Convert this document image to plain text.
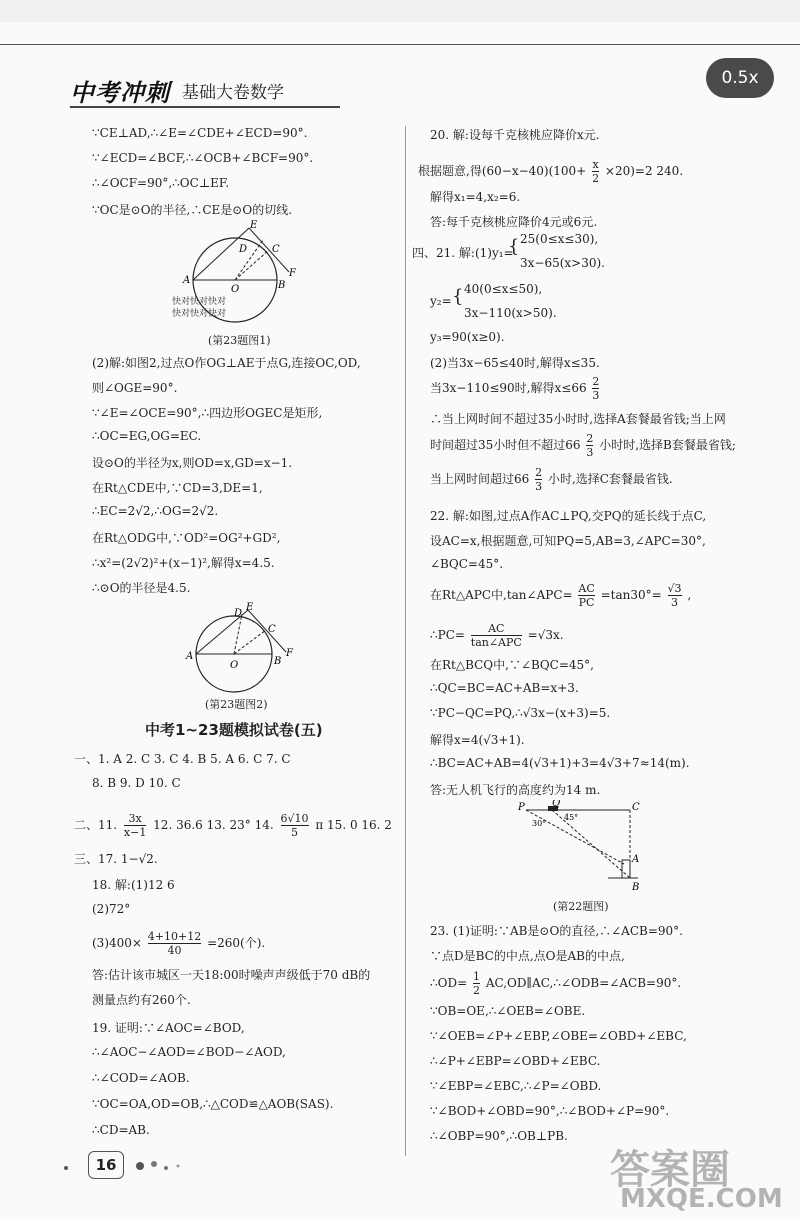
中考冲刺 基础大卷数学
0.5x
∵CE⊥AD,∴∠E=∠CDE+∠ECD=90°.
∵∠ECD=∠BCF,∴∠OCB+∠BCF=90°.
∴∠OCF=90°,∴OC⊥EF.
∵OC是⊙O的半径,∴CE是⊙O的切线.
A
O
E
D C
F
B
快对快对快对
快对快对快对
(第23题图1)
(2)解:如图2,过点O作OG⊥AE于点G,连接OC,OD,
则∠OGE=90°.
∵∠E=∠OCE=90°,∴四边形OGEC是矩形,
∴OC=EG,OG=EC.
设⊙O的半径为x,则OD=x,GD=x−1.
在Rt△CDE中,∵CD=3,DE=1,
∴EC=2√2,∴OG=2√2.
在Rt△ODG中,∵OD²=OG²+GD²,
∴x²=(2√2)²+(x−1)²,解得x=4.5.
∴⊙O的半径是4.5.
A
O
E
D
C
F
B
(第23题图2)
中考1~23题模拟试卷(五)
一、1. A 2. C 3. C 4. B 5. A 6. C 7. C
8. B 9. D 10. C
二、11. $\frac{3x}{x-1} 12$. 36.6 13. 23° 14. $\frac{6√10}{5}$ π 15. 0 16. 2
三、17. 1−√2.
18. 解:(1)12 6
(2)72°
$(3)400\times \frac{4+10+12}{40} =260$(个).
答:估计该市城区一天18:00时噪声声级低于70 dB的
测量点约有260个.
19. 证明:∵∠AOC=∠BOD,
∴∠AOC−∠AOD=∠BOD−∠AOD,
∴∠COD=∠AOB.
∵OC=OA,OD=OB,∴△COD≌△AOB(SAS).
∴CD=AB.
20. 解:设每千克核桃应降价x元.
根据题意,得$(60-x-40)(100+ \frac{x}{2} \times 20)=2$ 240.
解得x₁=4,x₂=6.
答:每千克核桃应降价4元或6元.
四、21. 解:(1)y₁=
{ 25(0≤x≤30),
3x−65(x>30).
y₂= { 40(0≤x≤50),
3x−110(x>50).
y₃=90(x≥0).
(2)当3x−65≤40时,解得x≤35.
当3x−110≤90时,解得$x\le 66 \frac{2}{3}$
∴当上网时间不超过35小时时,选择A套餐最省钱;当上网
时间超过35小时但不超过$66 \frac{2}{3}$ 小时时,选择B套餐最省钱;
当上网时间超过$66 \frac{2}{3}$ 小时,选择C套餐最省钱.
22. 解:如图,过点A作AC⊥PQ,交PQ的延长线于点C,
设AC=x,根据题意,可知PQ=5,AB=3,∠APC=30°,
∠BQC=45°.
在Rt△APC中,tan∠APC= $\frac{AC}{PC} =\tan 30^\circ= \frac{√3}{3}$ ,
∴PC=	AC
tan∠APC
=√3x.
在Rt△BCQ中,∵∠BQC=45°,
∴QC=BC=AC+AB=x+3.
∵PC−QC=PQ,∴√3x−(x+3)=5.
解得x=4(√3+1).
∴BC=AC+AB=4(√3+1)+3=4√3+7≈14(m).
答:无人机飞行的高度约为14 m.
P	Q	C
A
B
30°
45°
(第22题图)
23. (1)证明:∵AB是⊙O的直径,∴∠ACB=90°.
∵点D是BC的中点,点O是AB的中点,
∴OD= $\frac{1}{2}$ AC,OD∥AC,∴∠ODB=∠ACB=90°.
∵OB=OE,∴∠OEB=∠OBE.
∵∠OEB=∠P+∠EBP,∠OBE=∠OBD+∠EBC,
∴∠P+∠EBP=∠OBD+∠EBC.
∵∠EBP=∠EBC,∴∠P=∠OBD.
∵∠BOD+∠OBD=90°,∴∠BOD+∠P=90°.
∴∠OBP=90°,∴OB⊥PB.
16	答案圈
MXQE.COM
